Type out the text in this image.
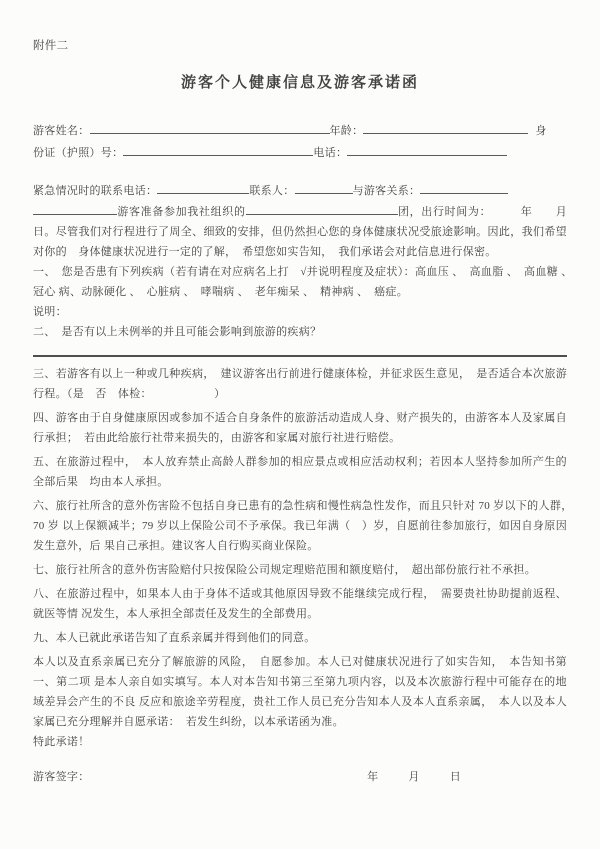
附件二
游客个人健康信息及游客承诺函
游客姓名：	年龄：	身
份证（护照）号：	电话：
紧急情况时的联系电话：	联系人：	与游客关系：

游客准备参加我社组织的	团，出行时间为：　　　年　　月　日。尽管我们对行程进行了周全、细致的安排，但仍然担心您的身体健康状况受旅途影响。因此，我们希望对你的　身体健康状况进行一定的了解，　希望您如实告知，　我们承诺会对此信息进行保密。

一、　您是否患有下列疾病（若有请在对应病名上打　√并说明程度及症状）：高血压 、　高血脂 、　高血糖 、　冠心 病、动脉硬化 、　心脏病 、　哮喘病 、　老年痴呆 、　精神病 、　癌症。

说明：

二、　是否有以上未例举的并且可能会影响到旅游的疾病？

三、若游客有以上一种或几种疾病，　建议游客出行前进行健康体检，并征求医生意见，　是否适合本次旅游行程。（是　否　体检：　　　　　　）

四、游客由于自身健康原因或参加不适合自身条件的旅游活动造成人身、财产损失的，由游客本人及家属自行承担；　若由此给旅行社带来损失的，由游客和家属对旅行社进行赔偿。

五、在旅游过程中，　本人放弃禁止高龄人群参加的相应景点或相应活动权利；若因本人坚持参加所产生的全部后果　均由本人承担。

六、旅行社所含的意外伤害险不包括自身已患有的急性病和慢性病急性发作，而且只针对 70 岁以下的人群，　70 岁 以上保额减半；79 岁以上保险公司不予承保。我已年满（　）岁，自愿前往参加旅行，如因自身原因发生意外，后 果自己承担。建议客人自行购买商业保险。

七、旅行社所含的意外伤害险赔付只按保险公司规定理赔范围和额度赔付，　超出部份旅行社不承担。

八、在旅游过程中，如果本人由于身体不适或其他原因导致不能继续完成行程，　需要贵社协助提前返程、就医等情 况发生，本人承担全部责任及发生的全部费用。

九、本人已就此承诺告知了直系亲属并得到他们的同意。

本人以及直系亲属已充分了解旅游的风险，　自愿参加。本人已对健康状况进行了如实告知，　本告知书第一、第二项 是本人亲自如实填写。本人对本告知书第三至第九项内容，以及本次旅游行程中可能存在的地域差异会产生的不良 反应和旅途辛劳程度，贵社工作人员已充分告知本人及本人直系亲属，　本人以及本人家属已充分理解并自愿承诺：　若发生纠纷，以本承诺函为准。

特此承诺！

游客签字：	年	月	日
